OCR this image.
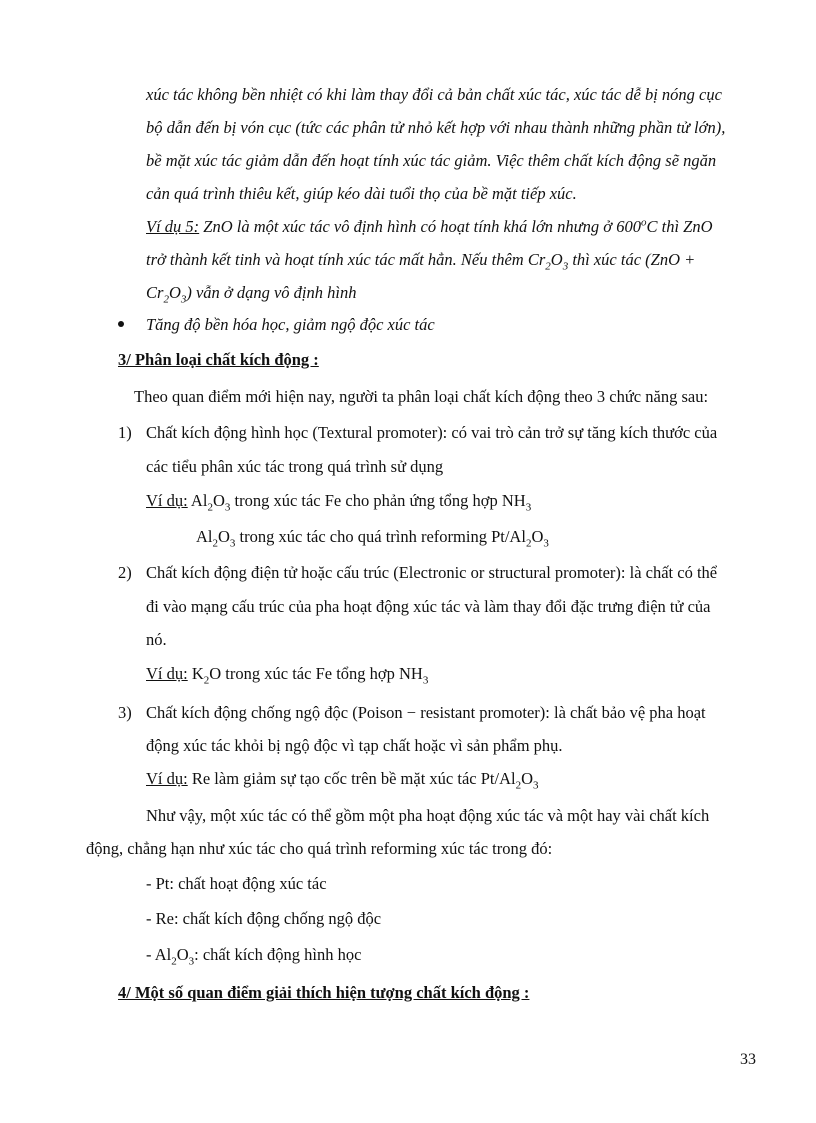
xúc tác không bền nhiệt có khi làm thay đổi cả bản chất xúc tác, xúc tác dễ bị nóng cục
bộ dẫn đến bị vón cục (tức các phân tử nhỏ kết hợp với nhau thành những phần tử lớn),
bề mặt xúc tác giảm dẫn đến hoạt tính xúc tác giảm. Việc thêm chất kích động sẽ ngăn
cản quá trình thiêu kết, giúp kéo dài tuổi thọ của bề mặt tiếp xúc.
Ví dụ 5: ZnO là một xúc tác vô định hình có hoạt tính khá lớn nhưng ở 600$^o$C thì ZnO
trở thành kết tinh và hoạt tính xúc tác mất hẳn. Nếu thêm $Cr_2O_3$ thì xúc tác (ZnO +
$Cr_2O_3$) vẫn ở dạng vô định hình
Tăng độ bền hóa học, giảm ngộ độc xúc tác
3/ Phân loại chất kích động :
Theo quan điểm mới hiện nay, người ta phân loại chất kích động theo 3 chức năng sau:
1) Chất kích động hình học (Textural promoter): có vai trò cản trở sự tăng kích thước của
các tiểu phân xúc tác trong quá trình sử dụng
Ví dụ: $Al_2O_3$ trong xúc tác Fe cho phản ứng tổng hợp $NH_3$
$Al_2O_3$ trong xúc tác cho quá trình reforming $Pt/Al_2O_3$
2) Chất kích động điện tử hoặc cấu trúc (Electronic or structural promoter): là chất có thể
đi vào mạng cấu trúc của pha hoạt động xúc tác và làm thay đổi đặc trưng điện tử của
nó.
Ví dụ: $K_2O$ trong xúc tác Fe tổng hợp $NH_3$
3) Chất kích động chống ngộ độc (Poison − resistant promoter): là chất bảo vệ pha hoạt
động xúc tác khỏi bị ngộ độc vì tạp chất hoặc vì sản phẩm phụ.
Ví dụ: Re làm giảm sự tạo cốc trên bề mặt xúc tác $Pt/Al_2O_3$
Như vậy, một xúc tác có thể gồm một pha hoạt động xúc tác và một hay vài chất kích
động, chẳng hạn như xúc tác cho quá trình reforming xúc tác trong đó:
- Pt: chất hoạt động xúc tác
- Re: chất kích động chống ngộ độc
- $Al_2O_3$: chất kích động hình học
4/ Một số quan điểm giải thích hiện tượng chất kích động :
33
